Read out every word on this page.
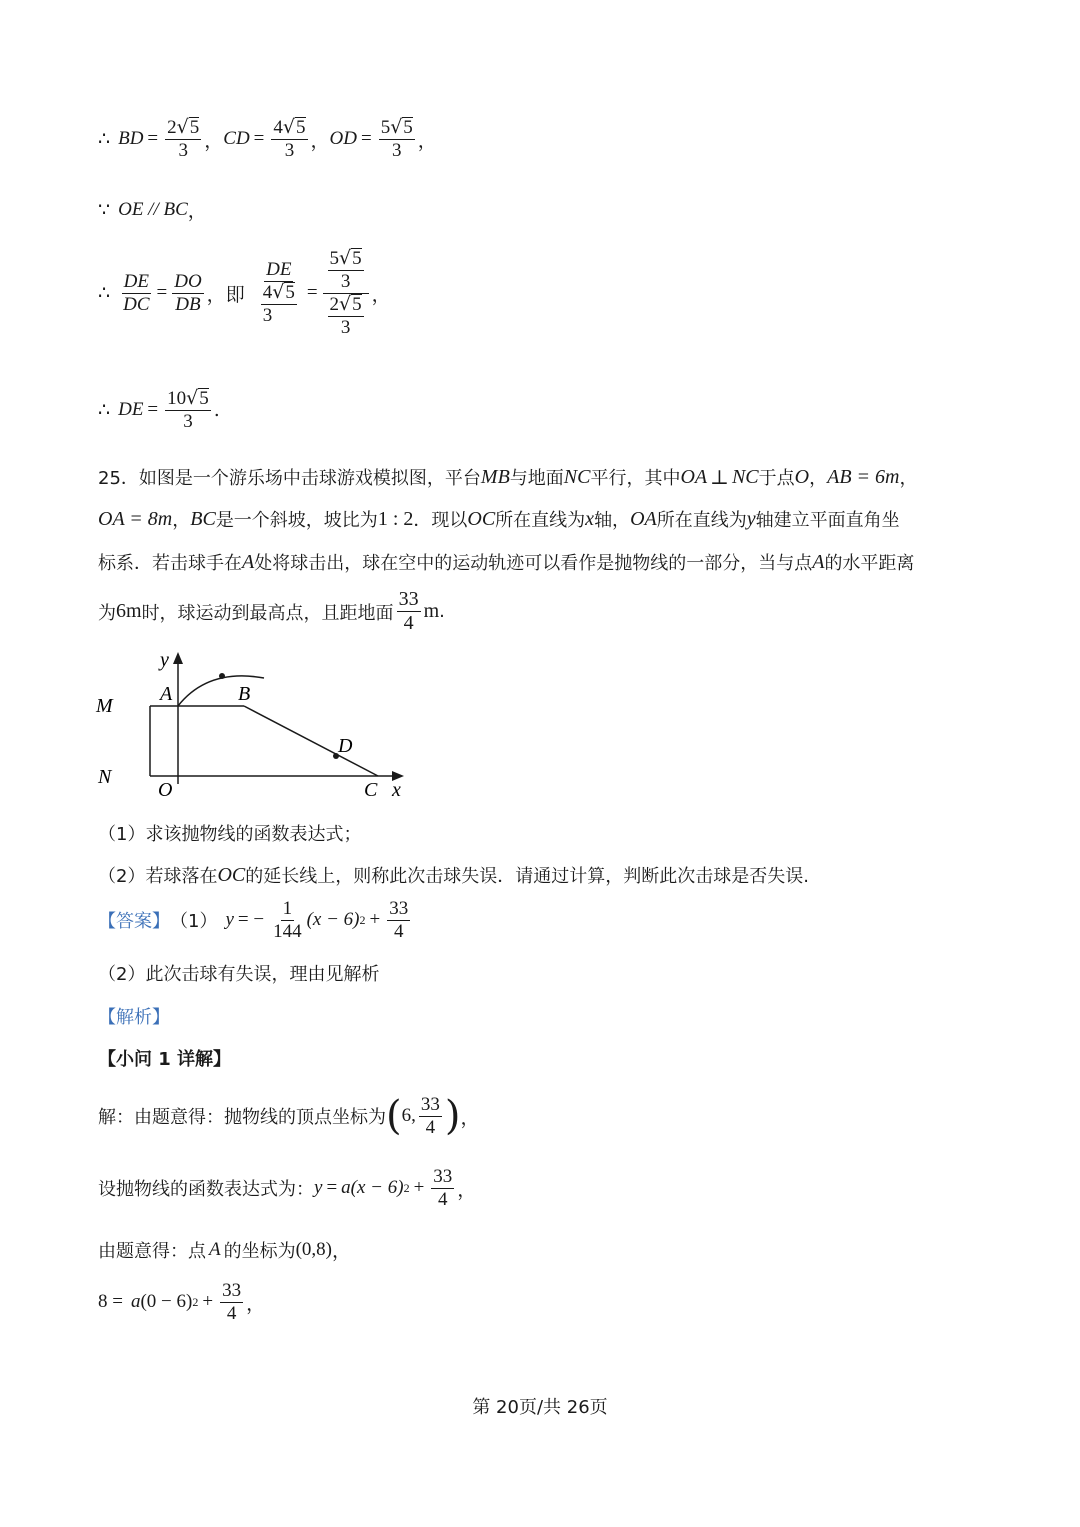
∴ BD = $\frac{2 √ 5}{3}$ ， CD = $\frac{4 √ 5}{3}$ ， OD = $\frac{5 √ 5}{3}$ ，
∵ OE // BC ，
∴ $\frac{DE}{DC} = \frac{DO}{DB}$ ， 即 $\frac{DE}{\frac{4 √ 5}{3}} = \frac{\frac{5 √ 5}{3}}{\frac{2 √ 5}{3}}$ ，
∴ DE = $\frac{10 √ 5}{3}$ .
25．如图是一个游乐场中击球游戏模拟图，平台 MB 与地面 NC 平行，其中 OA ⊥ NC 于点 O ， AB = 6m ，
OA = 8m ， BC 是一个斜坡，坡比为 1 : 2 ．现以 OC 所在直线为 x 轴， OA 所在直线为 y 轴建立平面直角坐
标系．若击球手在 A 处将球击出，球在空中的运动轨迹可以看作是抛物线的一部分，当与点 A 的水平距离
为 6m 时，球运动到最高点，且距地面 $\frac{33}{4}$ m .
y
x
M
N
O
A	B
C
D
（1）求该抛物线的函数表达式；
（2）若球落在 OC 的延长线上，则称此次击球失误．请通过计算，判断此次击球是否失误.
【答案】 （1） y = − $\frac{1}{144} (x - 6) 2 + \frac{33}{4}$
（2）此次击球有失误，理由见解析
【解析】
【小问 1 详解】
解：由题意得：抛物线的顶点坐标为 ( 6, $\frac{33}{4}$ ) ，
设抛物线的函数表达式为： y = a (x − 6) $2 + \frac{33}{4}$ ，
由题意得：点 A 的坐标为 (0,8) ，
8 = a (0 − 6) $2 + \frac{33}{4}$ ，
第 20页/共 26页
